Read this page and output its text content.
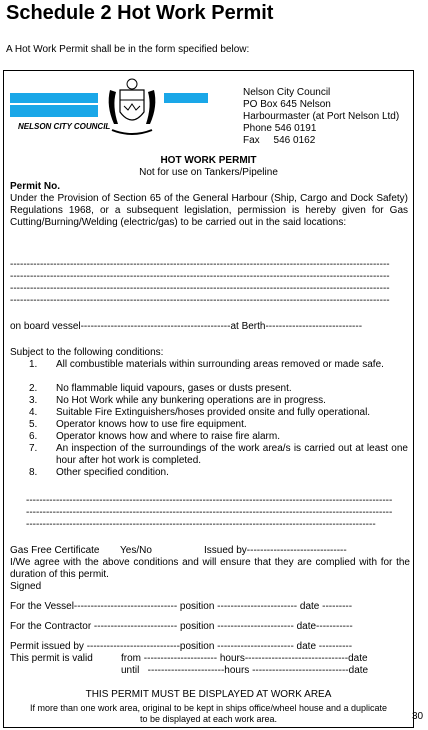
Schedule 2 Hot Work Permit
A Hot Work Permit shall be in the form specified below:
NELSON CITY COUNCIL
Nelson City Council
PO Box 645 Nelson
Harbourmaster (at Port Nelson Ltd)
Phone 546 0191
Fax     546 0162
HOT WORK PERMIT
Not for use on Tankers/Pipeline
Permit No.
Under the Provision of Section 65 of the General Harbour (Ship, Cargo and Dock Safety) Regulations 1968, or a subsequent legislation, permission is hereby given for Gas Cutting/Burning/Welding (electric/gas) to be carried out in the said locations:
------------------------------------------------------------------------------------------------------------------
------------------------------------------------------------------------------------------------------------------
------------------------------------------------------------------------------------------------------------------
------------------------------------------------------------------------------------------------------------------
on board vessel---------------------------------------------at Berth-----------------------------
Subject to the following conditions:
1. All combustible materials within surrounding areas removed or made safe.
2. No flammable liquid vapours, gases or dusts present.
3. No Hot Work while any bunkering operations are in progress.
4. Suitable Fire Extinguishers/hoses provided onsite and fully operational.
5. Operator knows how to use fire equipment.
6. Operator knows how and where to raise fire alarm.
7. An inspection of the surroundings of the work area/s is carried out at least one hour after hot work is completed.
8. Other specified condition.
--------------------------------------------------------------------------------------------------------------
--------------------------------------------------------------------------------------------------------------
---------------------------------------------------------------------------------------------------------
Gas Free Certificate Yes/No	Issued by------------------------------
I/We agree with the above conditions and will ensure that they are complied with for the duration of this permit.
Signed
For the Vessel------------------------------- position ------------------------ date ---------
For the Contractor ------------------------- position ----------------------- date-----------
Permit issued by ----------------------------position ----------------------- date ----------
This permit is valid	from ---------------------- hours-------------------------------date
until   -----------------------hours -----------------------------date
THIS PERMIT MUST BE DISPLAYED AT WORK AREA
If more than one work area, original to be kept in ships office/wheel house and a duplicate
to be displayed at each work area.	30
